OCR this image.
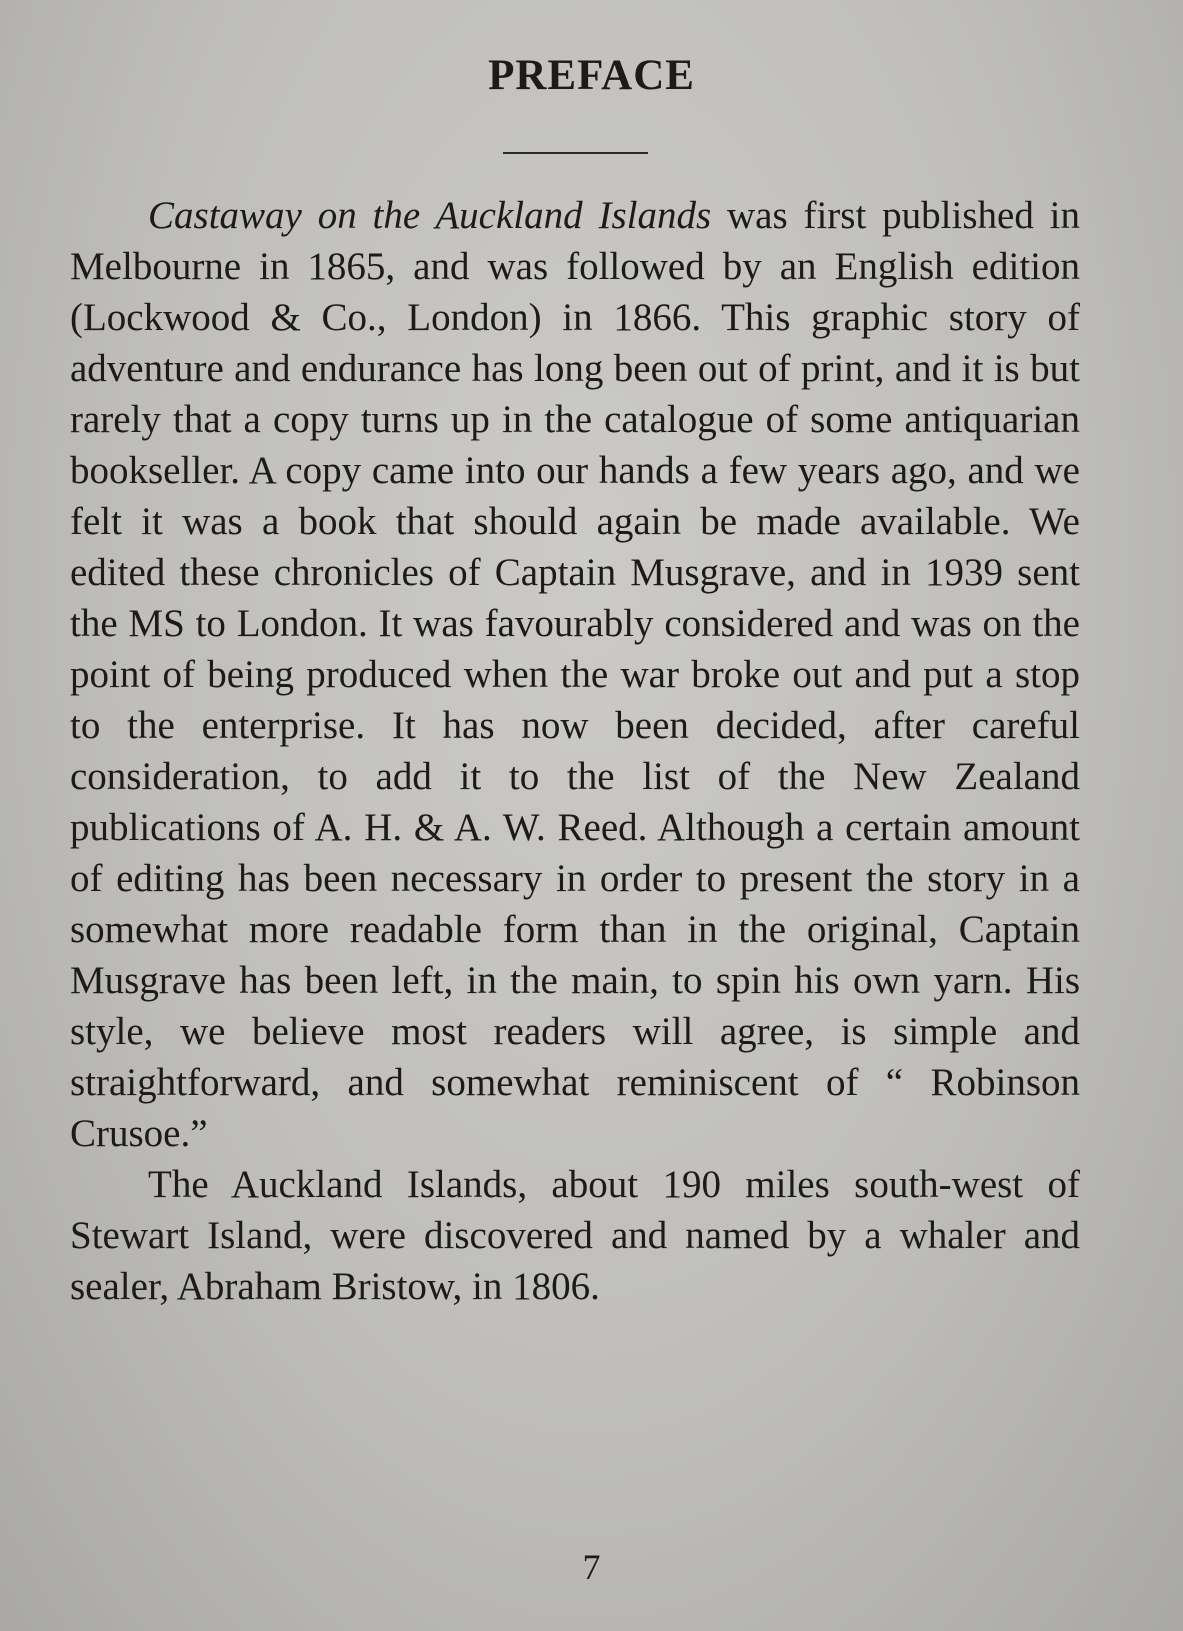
PREFACE

Castaway on the Auckland Islands was first published in Melbourne in 1865, and was followed by an English edition (Lockwood & Co., London) in 1866. This graphic story of adventure and endurance has long been out of print, and it is but rarely that a copy turns up in the catalogue of some antiquarian bookseller. A copy came into our hands a few years ago, and we felt it was a book that should again be made available. We edited these chronicles of Captain Musgrave, and in 1939 sent the MS to London. It was favourably considered and was on the point of being produced when the war broke out and put a stop to the enterprise. It has now been decided, after careful consideration, to add it to the list of the New Zealand publications of A. H. & A. W. Reed. Although a certain amount of editing has been necessary in order to present the story in a somewhat more readable form than in the original, Captain Musgrave has been left, in the main, to spin his own yarn. His style, we believe most readers will agree, is simple and straightforward, and somewhat reminiscent of “ Robinson Crusoe.”

The Auckland Islands, about 190 miles south-west of Stewart Island, were discovered and named by a whaler and sealer, Abraham Bristow, in 1806.

7
